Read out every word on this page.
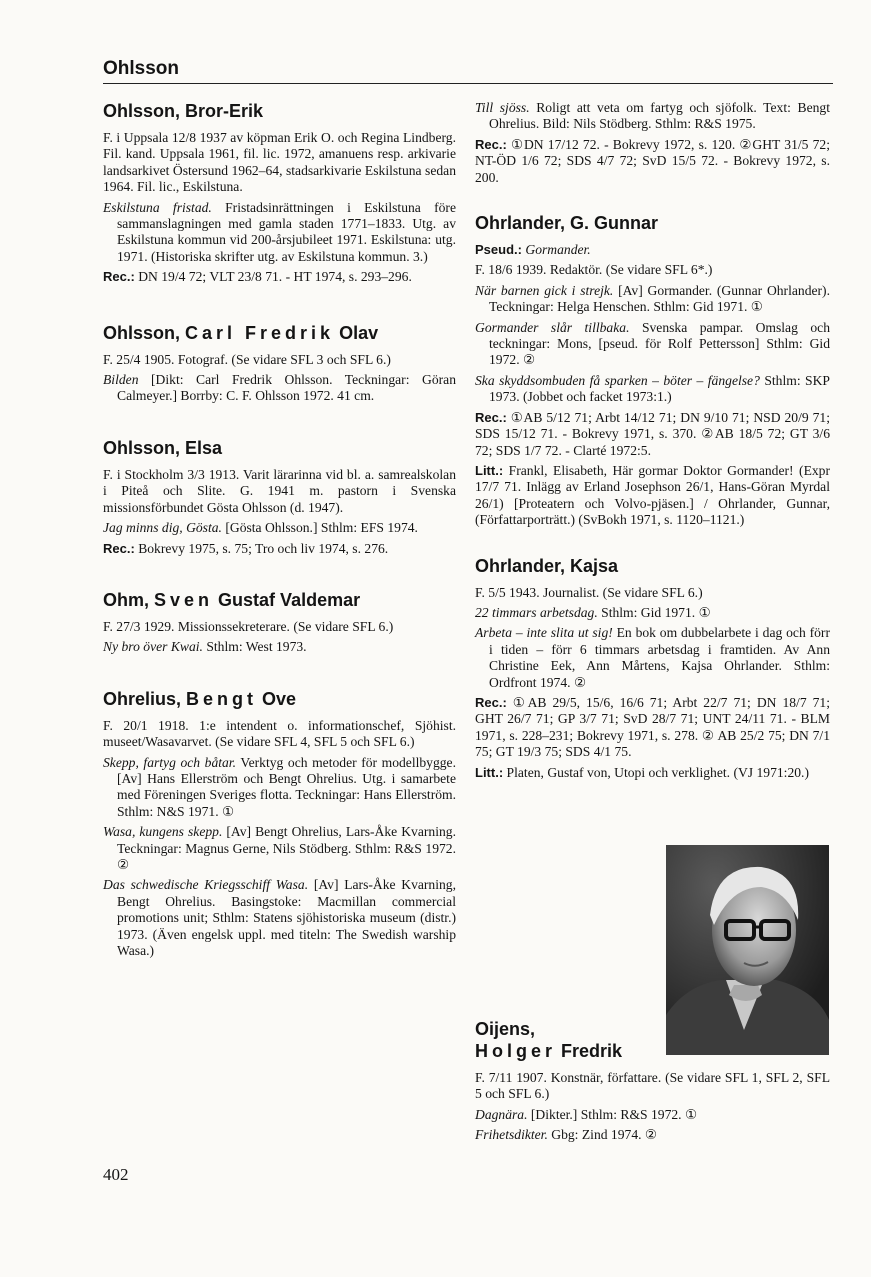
Ohlsson
Ohlsson, Bror-Erik

F. i Uppsala 12/8 1937 av köpman Erik O. och Regina Lindberg. Fil. kand. Uppsala 1961, fil. lic. 1972, amanuens resp. arkivarie landsarkivet Östersund 1962–64, stadsarkivarie Eskilstuna sedan 1964. Fil. lic., Eskilstuna.

Eskilstuna fristad. Fristadsinrättningen i Eskilstuna före sammanslagningen med gamla staden 1771–1833. Utg. av Eskilstuna kommun vid 200-årsjubileet 1971. Eskilstuna: utg. 1971. (Historiska skrifter utg. av Eskilstuna kommun. 3.)

Rec.: DN 19/4 72; VLT 23/8 71. - HT 1974, s. 293–296.

Ohlsson, Carl Fredrik Olav

F. 25/4 1905. Fotograf. (Se vidare SFL 3 och SFL 6.)

Bilden [Dikt: Carl Fredrik Ohlsson. Teckningar: Göran Calmeyer.] Borrby: C. F. Ohlsson 1972. 41 cm.

Ohlsson, Elsa

F. i Stockholm 3/3 1913. Varit lärarinna vid bl. a. samrealskolan i Piteå och Slite. G. 1941 m. pastorn i Svenska missionsförbundet Gösta Ohlsson (d. 1947).

Jag minns dig, Gösta. [Gösta Ohlsson.] Sthlm: EFS 1974.

Rec.: Bokrevy 1975, s. 75; Tro och liv 1974, s. 276.

Ohm, Sven Gustaf Valdemar

F. 27/3 1929. Missionssekreterare. (Se vidare SFL 6.)

Ny bro över Kwai. Sthlm: West 1973.

Ohrelius, Bengt Ove

F. 20/1 1918. 1:e intendent o. informationschef, Sjöhist. museet/Wasavarvet. (Se vidare SFL 4, SFL 5 och SFL 6.)

Skepp, fartyg och båtar. Verktyg och metoder för modellbygge. [Av] Hans Ellerström och Bengt Ohrelius. Utg. i samarbete med Föreningen Sveriges flotta. Teckningar: Hans Ellerström. Sthlm: N&S 1971. ①

Wasa, kungens skepp. [Av] Bengt Ohrelius, Lars-Åke Kvarning. Teckningar: Magnus Gerne, Nils Stödberg. Sthlm: R&S 1972. ②

Das schwedische Kriegsschiff Wasa. [Av] Lars-Åke Kvarning, Bengt Ohrelius. Basingstoke: Macmillan commercial promotions unit; Sthlm: Statens sjöhistoriska museum (distr.) 1973. (Även engelsk uppl. med titeln: The Swedish warship Wasa.)

Till sjöss. Roligt att veta om fartyg och sjöfolk. Text: Bengt Ohrelius. Bild: Nils Stödberg. Sthlm: R&S 1975.

Rec.: ①DN 17/12 72. - Bokrevy 1972, s. 120. ②GHT 31/5 72; NT-ÖD 1/6 72; SDS 4/7 72; SvD 15/5 72. - Bokrevy 1972, s. 200.

Ohrlander, G. Gunnar

Pseud.: Gormander.

F. 18/6 1939. Redaktör. (Se vidare SFL 6*.)

När barnen gick i strejk. [Av] Gormander. (Gunnar Ohrlander). Teckningar: Helga Henschen. Sthlm: Gid 1971. ①

Gormander slår tillbaka. Svenska pampar. Omslag och teckningar: Mons, [pseud. för Rolf Pettersson] Sthlm: Gid 1972. ②

Ska skyddsombuden få sparken – böter – fängelse? Sthlm: SKP 1973. (Jobbet och facket 1973:1.)

Rec.: ①AB 5/12 71; Arbt 14/12 71; DN 9/10 71; NSD 20/9 71; SDS 15/12 71. - Bokrevy 1971, s. 370. ②AB 18/5 72; GT 3/6 72; SDS 1/7 72. - Clarté 1972:5.

Litt.: Frankl, Elisabeth, Här gormar Doktor Gormander! (Expr 17/7 71. Inlägg av Erland Josephson 26/1, Hans-Göran Myrdal 26/1) [Proteatern och Volvo-pjäsen.] / Ohrlander, Gunnar, (Författarporträtt.) (SvBokh 1971, s. 1120–1121.)

Ohrlander, Kajsa

F. 5/5 1943. Journalist. (Se vidare SFL 6.)

22 timmars arbetsdag. Sthlm: Gid 1971. ①

Arbeta – inte slita ut sig! En bok om dubbelarbete i dag och förr i tiden – förr 6 timmars arbetsdag i framtiden. Av Ann Christine Eek, Ann Mårtens, Kajsa Ohrlander. Sthlm: Ordfront 1974. ②

Rec.: ①AB 29/5, 15/6, 16/6 71; Arbt 22/7 71; DN 18/7 71; GHT 26/7 71; GP 3/7 71; SvD 28/7 71; UNT 24/11 71. - BLM 1971, s. 228–231; Bokrevy 1971, s. 278. ② AB 25/2 75; DN 7/1 75; GT 19/3 75; SDS 4/1 75.

Litt.: Platen, Gustaf von, Utopi och verklighet. (VJ 1971:20.)

Oijens,
Holger Fredrik

F. 7/11 1907. Konstnär, författare. (Se vidare SFL 1, SFL 2, SFL 5 och SFL 6.)

Dagnära. [Dikter.] Sthlm: R&S 1972. ①

Frihetsdikter. Gbg: Zind 1974. ②

402
